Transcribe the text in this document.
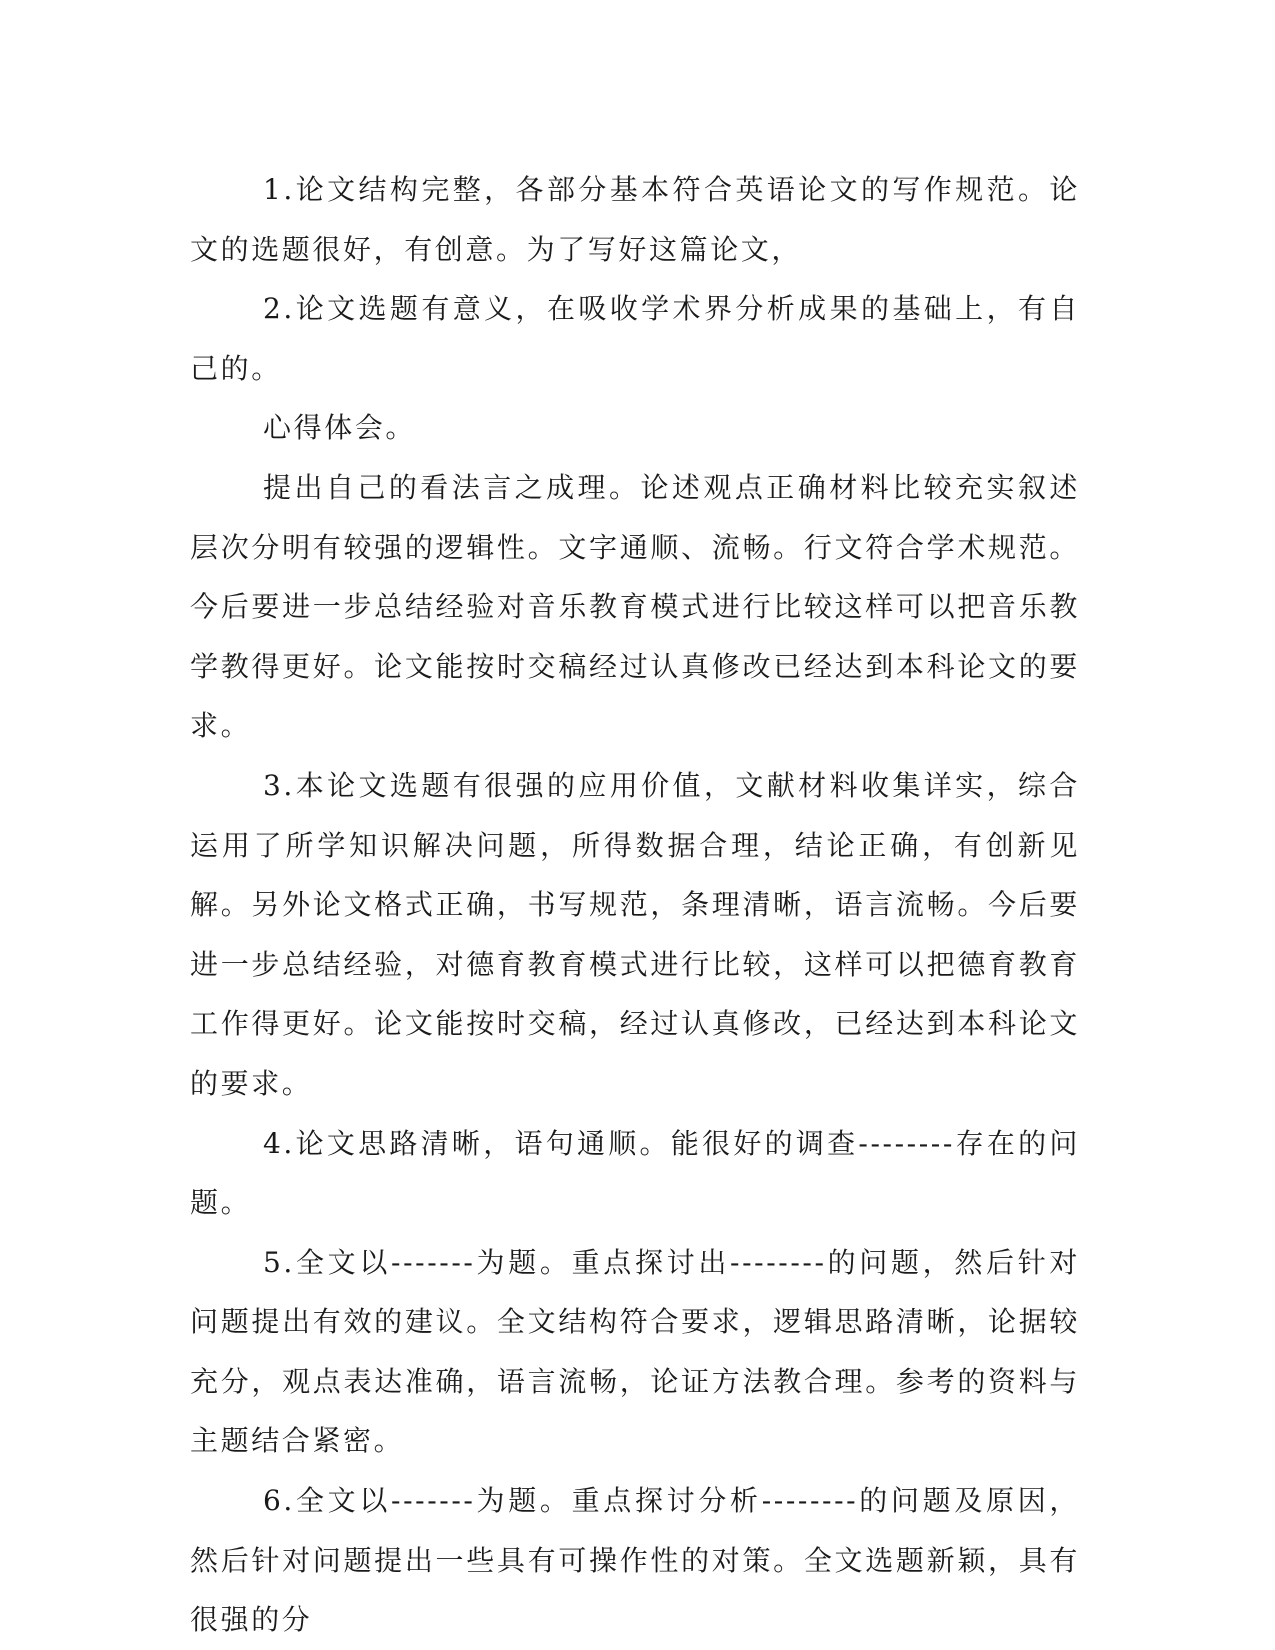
1.论文结构完整，各部分基本符合英语论文的写作规范。论文的选题很好，有创意。为了写好这篇论文，

2.论文选题有意义，在吸收学术界分析成果的基础上，有自己的。

心得体会。

提出自己的看法言之成理。论述观点正确材料比较充实叙述层次分明有较强的逻辑性。文字通顺、流畅。行文符合学术规范。今后要进一步总结经验对音乐教育模式进行比较这样可以把音乐教学教得更好。论文能按时交稿经过认真修改已经达到本科论文的要求。

3.本论文选题有很强的应用价值，文献材料收集详实，综合运用了所学知识解决问题，所得数据合理，结论正确，有创新见解。另外论文格式正确，书写规范，条理清晰，语言流畅。今后要进一步总结经验，对德育教育模式进行比较，这样可以把德育教育工作得更好。论文能按时交稿，经过认真修改，已经达到本科论文的要求。

4.论文思路清晰，语句通顺。能很好的调查--------存在的问题。

5.全文以-------为题。重点探讨出--------的问题，然后针对问题提出有效的建议。全文结构符合要求，逻辑思路清晰，论据较充分，观点表达准确，语言流畅，论证方法教合理。参考的资料与主题结合紧密。

6.全文以-------为题。重点探讨分析--------的问题及原因，然后针对问题提出一些具有可操作性的对策。全文选题新颖，具有很强的分
